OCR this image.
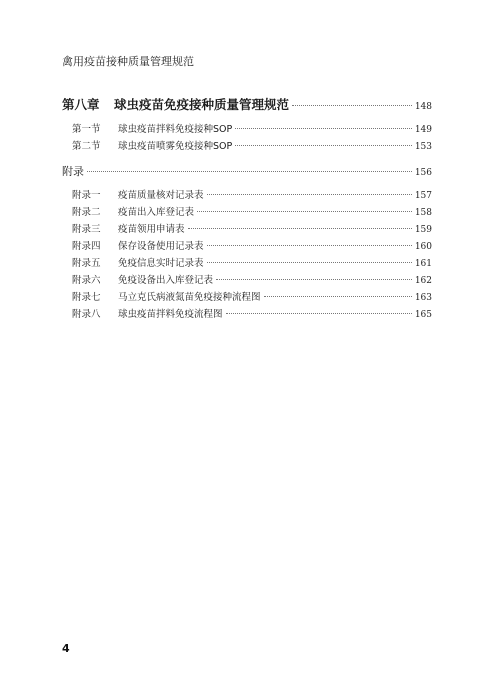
禽用疫苗接种质量管理规范
第八章	球虫疫苗免疫接种质量管理规范	148
第一节	球虫疫苗拌料免疫接种SOP	149
第二节	球虫疫苗喷雾免疫接种SOP	153
附录	156
附录一	疫苗质量核对记录表	157
附录二	疫苗出入库登记表	158
附录三	疫苗领用申请表	159
附录四	保存设备使用记录表	160
附录五	免疫信息实时记录表	161
附录六	免疫设备出入库登记表	162
附录七	马立克氏病液氮苗免疫接种流程图	163
附录八	球虫疫苗拌料免疫流程图	165
4
